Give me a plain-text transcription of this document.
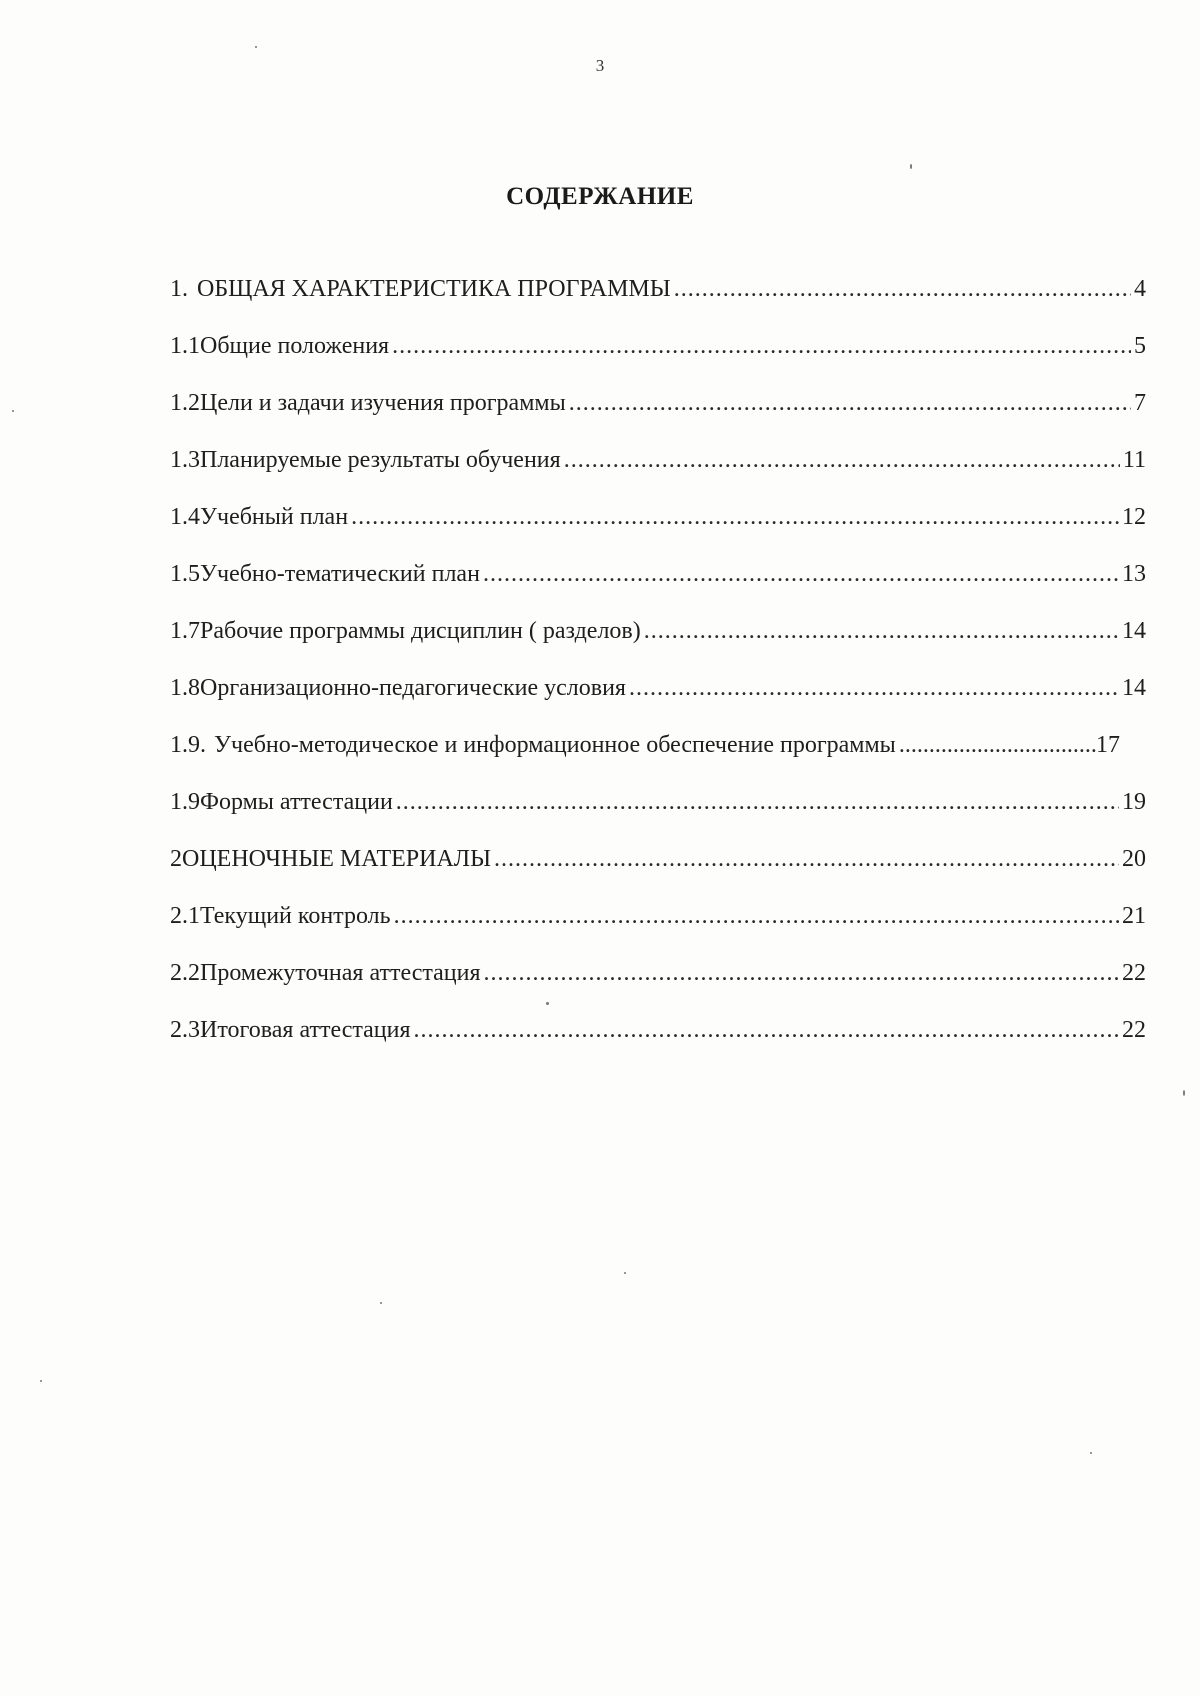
3
СОДЕРЖАНИЕ
1. ОБЩАЯ ХАРАКТЕРИСТИКА ПРОГРАММЫ .....	4
1.1 Общие положения .....	5
1.2 Цели и задачи изучения программы .....	7
1.3 Планируемые результаты обучения .....	11
1.4 Учебный план .....	12
1.5 Учебно-тематический план .....	13
1.7 Рабочие программы дисциплин ( разделов) .....	14
1.8 Организационно-педагогические условия .....	14
1.9. Учебно-методическое и информационное обеспечение программы .....	17
1.9 Формы аттестации .....	19
2 ОЦЕНОЧНЫЕ МАТЕРИАЛЫ .....	20
2.1 Текущий контроль .....	21
2.2 Промежуточная аттестация .....	22
2.3 Итоговая аттестация .....	22
